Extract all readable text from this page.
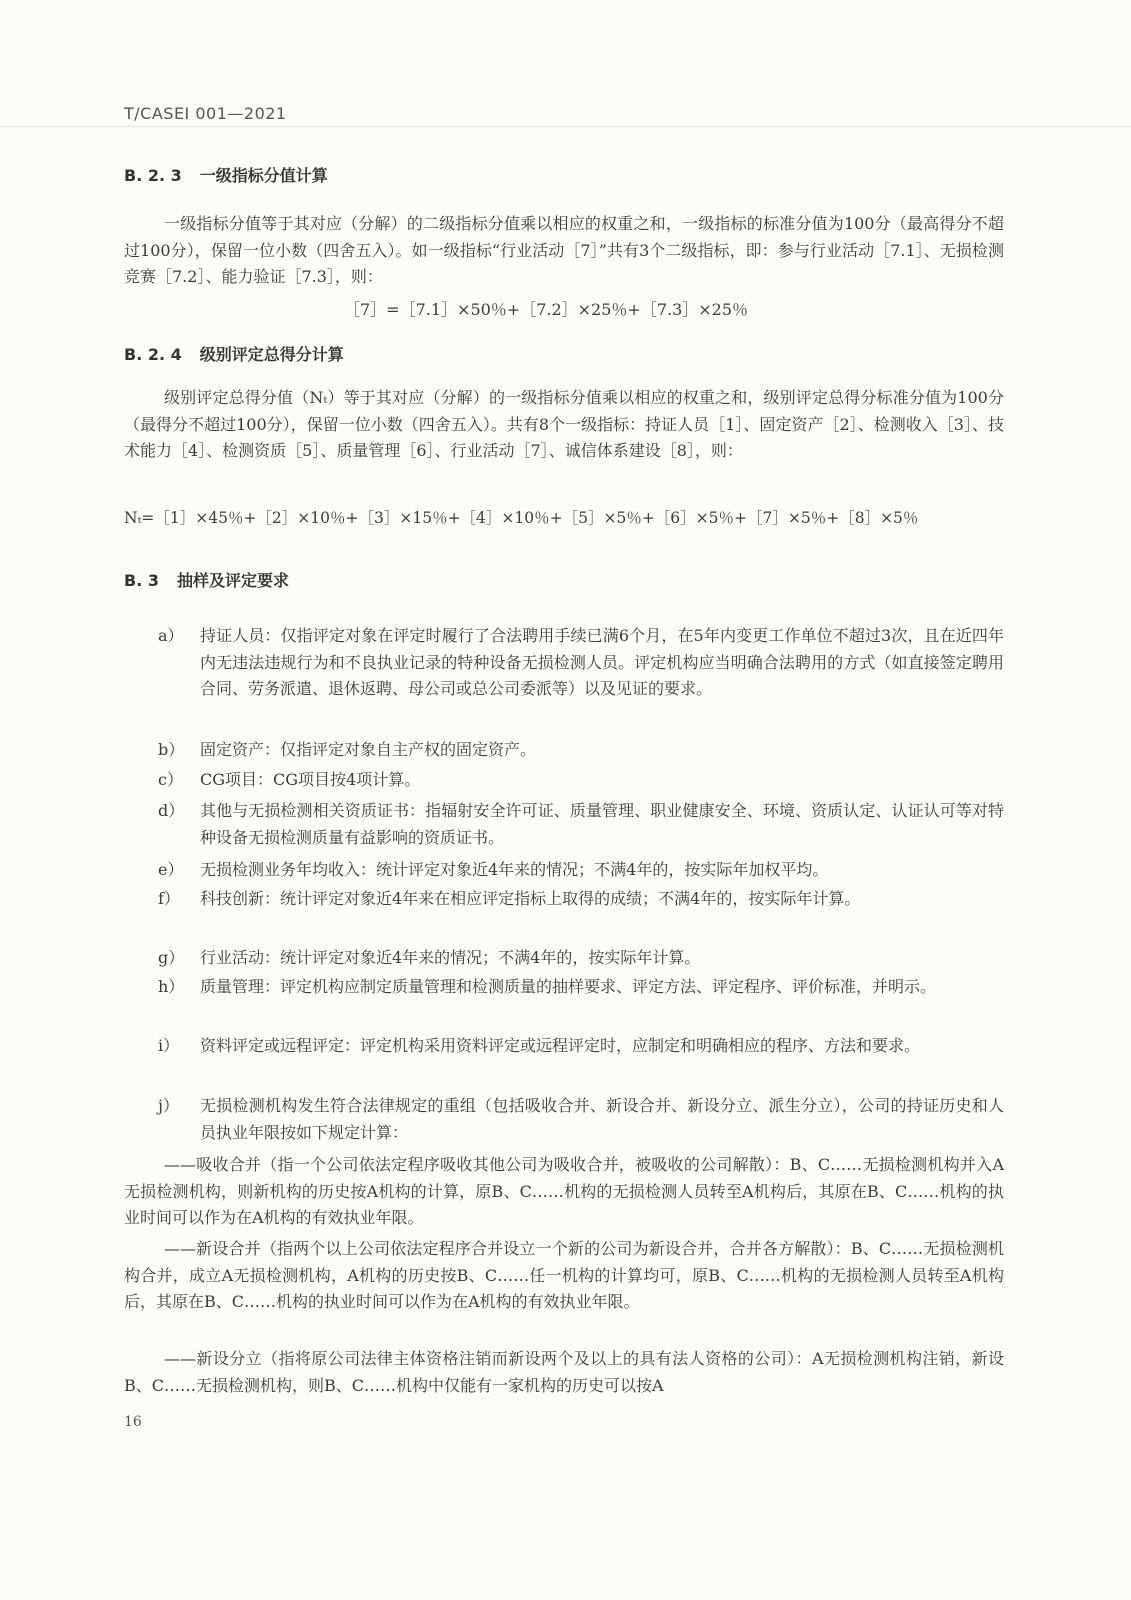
T/CASEI 001—2021
B. 2. 3 一级指标分值计算
一级指标分值等于其对应（分解）的二级指标分值乘以相应的权重之和，一级指标的标准分值为100分（最高得分不超过100分），保留一位小数（四舍五入）。如一级指标“行业活动［7］”共有3个二级指标，即：参与行业活动［7.1］、无损检测竞赛［7.2］、能力验证［7.3］，则：
［7］=［7.1］×50％+［7.2］×25％+［7.3］×25％
B. 2. 4 级别评定总得分计算
级别评定总得分值（Nₜ）等于其对应（分解）的一级指标分值乘以相应的权重之和，级别评定总得分标准分值为100分（最得分不超过100分），保留一位小数（四舍五入）。共有8个一级指标：持证人员［1］、固定资产［2］、检测收入［3］、技术能力［4］、检测资质［5］、质量管理［6］、行业活动［7］、诚信体系建设［8］，则：
Nₜ=［1］×45％+［2］×10％+［3］×15％+［4］×10％+［5］×5％+［6］×5％+［7］×5％+［8］×5％
B. 3 抽样及评定要求
a） 持证人员：仅指评定对象在评定时履行了合法聘用手续已满6个月，在5年内变更工作单位不超过3次，且在近四年内无违法违规行为和不良执业记录的特种设备无损检测人员。评定机构应当明确合法聘用的方式（如直接签定聘用合同、劳务派遣、退休返聘、母公司或总公司委派等）以及见证的要求。
b） 固定资产：仅指评定对象自主产权的固定资产。
c）	CG项目：CG项目按4项计算。
d） 其他与无损检测相关资质证书：指辐射安全许可证、质量管理、职业健康安全、环境、资质认定、认证认可等对特种设备无损检测质量有益影响的资质证书。
e） 无损检测业务年均收入：统计评定对象近4年来的情况；不满4年的，按实际年加权平均。
f）	科技创新：统计评定对象近4年来在相应评定指标上取得的成绩；不满4年的，按实际年计算。
g） 行业活动：统计评定对象近4年来的情况；不满4年的，按实际年计算。
h） 质量管理：评定机构应制定质量管理和检测质量的抽样要求、评定方法、评定程序、评价标准，并明示。
i）	资料评定或远程评定：评定机构采用资料评定或远程评定时，应制定和明确相应的程序、方法和要求。
j）	无损检测机构发生符合法律规定的重组（包括吸收合并、新设合并、新设分立、派生分立），公司的持证历史和人员执业年限按如下规定计算：
——吸收合并（指一个公司依法定程序吸收其他公司为吸收合并，被吸收的公司解散）：B、C……无损检测机构并入A无损检测机构，则新机构的历史按A机构的计算，原B、C……机构的无损检测人员转至A机构后，其原在B、C……机构的执业时间可以作为在A机构的有效执业年限。
——新设合并（指两个以上公司依法定程序合并设立一个新的公司为新设合并，合并各方解散）：B、C……无损检测机构合并，成立A无损检测机构，A机构的历史按B、C……任一机构的计算均可，原B、C……机构的无损检测人员转至A机构后，其原在B、C……机构的执业时间可以作为在A机构的有效执业年限。
——新设分立（指将原公司法律主体资格注销而新设两个及以上的具有法人资格的公司）：A无损检测机构注销，新设B、C……无损检测机构，则B、C……机构中仅能有一家机构的历史可以按A
16
